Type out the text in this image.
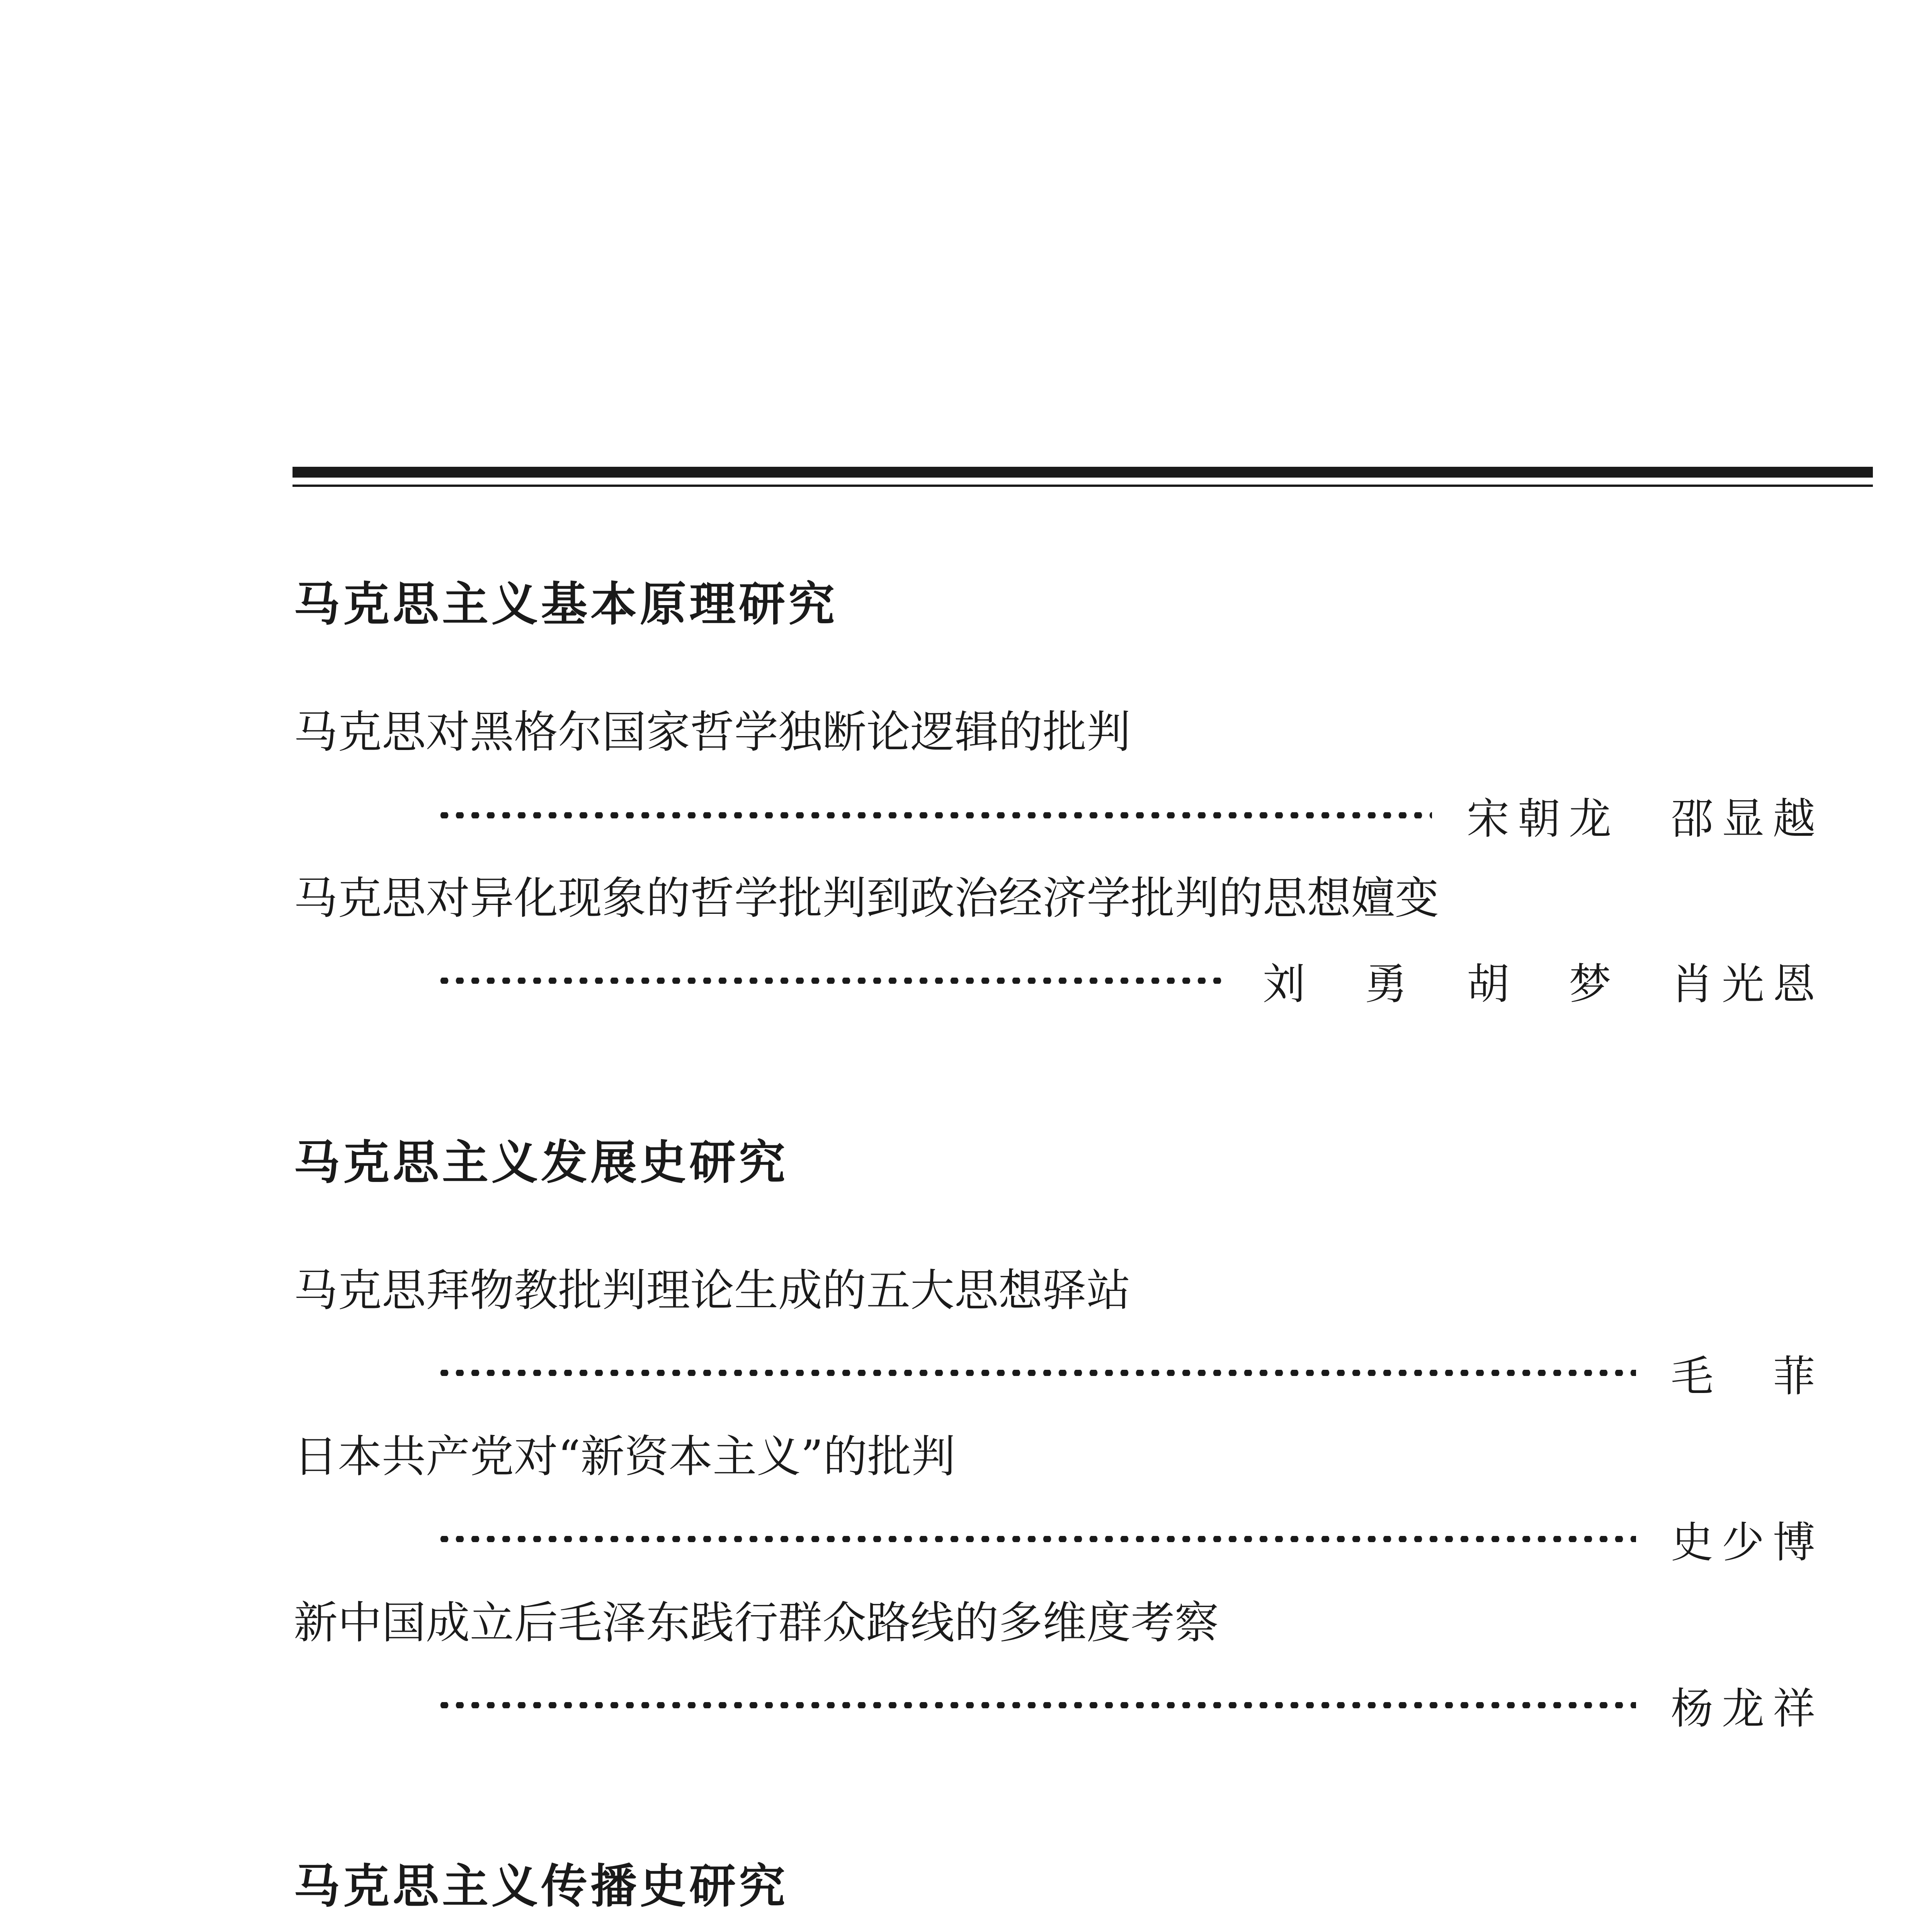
马克思主义基本原理研究
马克思对黑格尔国家哲学独断论逻辑的批判
宋朝龙　邵显越
马克思对异化现象的哲学批判到政治经济学批判的思想嬗变
刘　勇　胡　梦　肖光恩
马克思主义发展史研究
马克思拜物教批判理论生成的五大思想驿站
毛　菲
日本共产党对“新资本主义”的批判
史少博
新中国成立后毛泽东践行群众路线的多维度考察
杨龙祥
马克思主义传播史研究
